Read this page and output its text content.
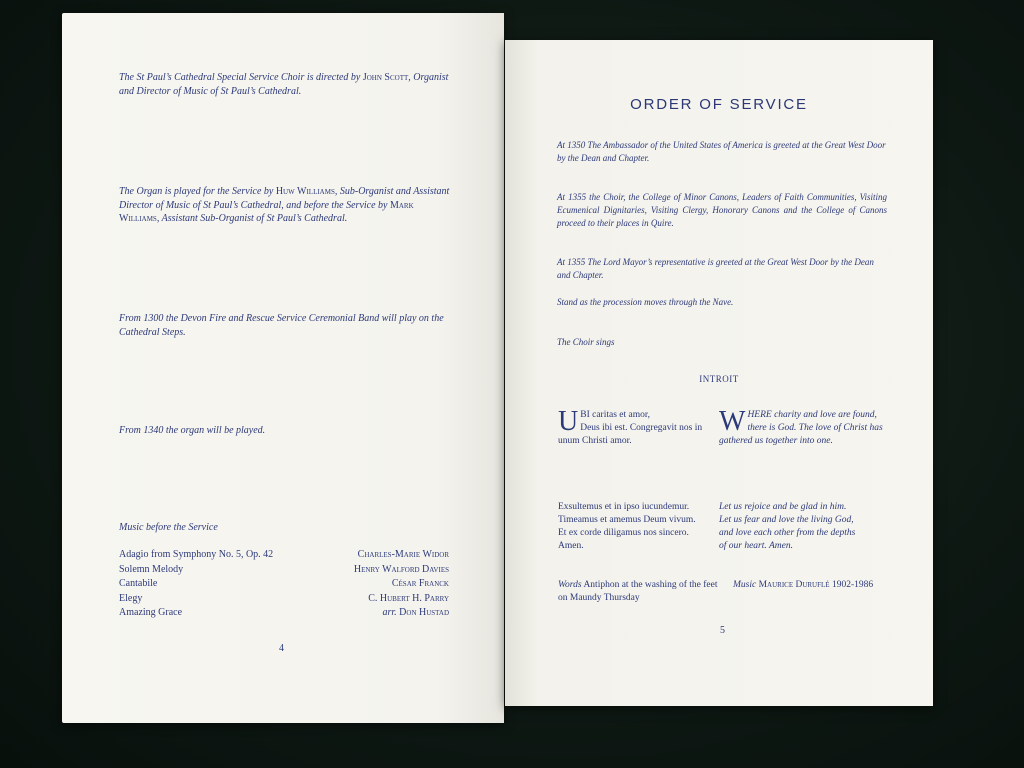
The St Paul’s Cathedral Special Service Choir is directed by John Scott, Organist and Director of Music of St Paul’s Cathedral.
The Organ is played for the Service by Huw Williams, Sub-Organist and Assistant Director of Music of St Paul’s Cathedral, and before the Service by Mark Williams, Assistant Sub-Organist of St Paul’s Cathedral.
From 1300 the Devon Fire and Rescue Service Ceremonial Band will play on the Cathedral Steps.
From 1340 the organ will be played.
Music before the Service
Adagio from Symphony No. 5, Op. 42	Charles-Marie Widor
Solemn Melody	Henry Walford Davies
Cantabile	César Franck
Elegy	C. Hubert H. Parry
Amazing Grace	arr. Don Hustad
4
ORDER OF SERVICE
At 1350 The Ambassador of the United States of America is greeted at the Great West Door by the Dean and Chapter.
At 1355 the Choir, the College of Minor Canons, Leaders of Faith Communities, Visiting Ecumenical Dignitaries, Visiting Clergy, Honorary Canons and the College of Canons proceed to their places in Quire.
At 1355 The Lord Mayor’s representative is greeted at the Great West Door by the Dean and Chapter.
Stand as the procession moves through the Nave.
The Choir sings
INTROIT
UBI caritas et amor,
Deus ibi est. Congregavit nos in unum Christi amor.
WHERE charity and love are found,
there is God. The love of Christ has gathered us together into one.
Exsultemus et in ipso iucundemur.
Timeamus et amemus Deum vivum.
Et ex corde diligamus nos sincero.
Amen.
Let us rejoice and be glad in him.
Let us fear and love the living God,
and love each other from the depths
of our heart. Amen.
Words Antiphon at the washing of the feet on Maundy Thursday
Music Maurice Duruflé 1902-1986
5
